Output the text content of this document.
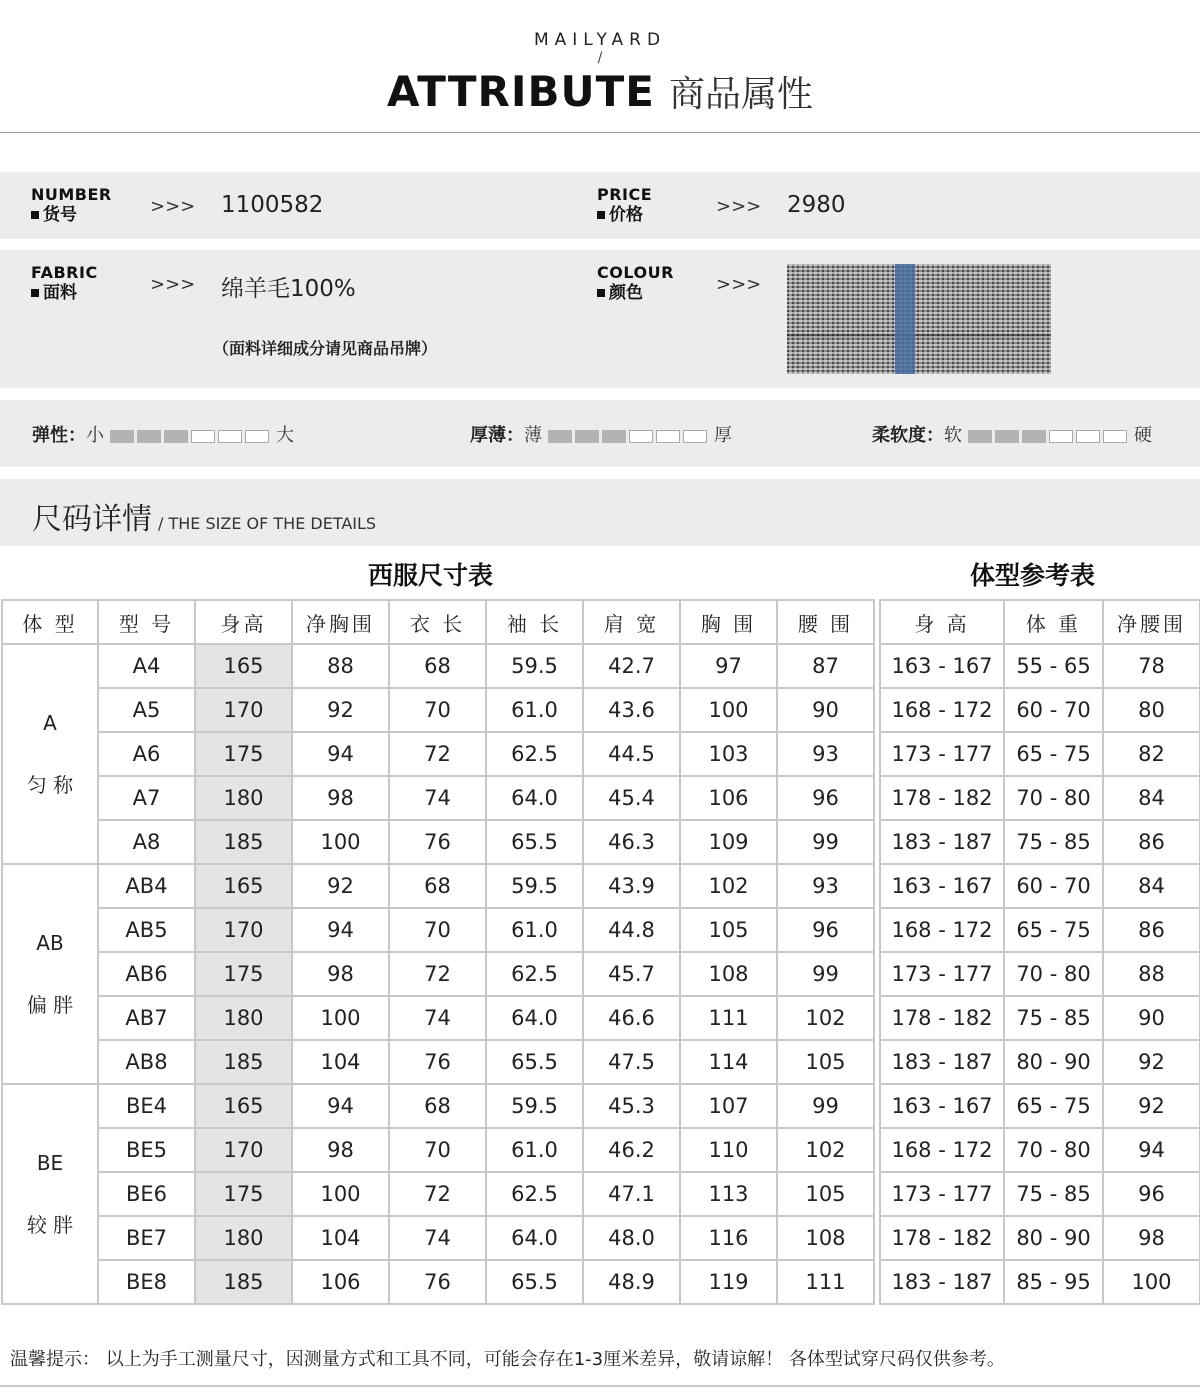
MAILYARD
/
ATTRIBUTE 商品属性
NUMBER
货号	>>> 1100582	PRICE
价格	>>> 2980
FABRIC
面料	>>> 绵羊毛100%
（面料详细成分请见商品吊牌）
COLOUR
颜色	>>>
弹性：小	大	厚薄：薄	厚	柔软度：软	硬
尺码详情 / THE SIZE OF THE DETAILS
西服尺寸表	体型参考表
体 型	型 号	身高	净胸围	衣 长	袖 长	肩 宽	胸 围	腰 围

A
匀 称	A4	165	88	68	59.5	42.7	97	87
	A5	170	92	70	61.0	43.6	100	90
	A6	175	94	72	62.5	44.5	103	93
	A7	180	98	74	64.0	45.4	106	96
	A8	185	100	76	65.5	46.3	109	99

AB
偏 胖	AB4	165	92	68	59.5	43.9	102	93
	AB5	170	94	70	61.0	44.8	105	96
	AB6	175	98	72	62.5	45.7	108	99
	AB7	180	100	74	64.0	46.6	111	102
	AB8	185	104	76	65.5	47.5	114	105

BE
较 胖	BE4	165	94	68	59.5	45.3	107	99
	BE5	170	98	70	61.0	46.2	110	102
	BE6	175	100	72	62.5	47.1	113	105
	BE7	180	104	74	64.0	48.0	116	108
	BE8	185	106	76	65.5	48.9	119	111
身 高	体 重	净腰围
163 - 167	55 - 65	78
168 - 172	60 - 70	80
173 - 177	65 - 75	82
178 - 182	70 - 80	84
183 - 187	75 - 85	86
163 - 167	60 - 70	84
168 - 172	65 - 75	86
173 - 177	70 - 80	88
178 - 182	75 - 85	90
183 - 187	80 - 90	92
163 - 167	65 - 75	92
168 - 172	70 - 80	94
173 - 177	75 - 85	96
178 - 182	80 - 90	98
183 - 187	85 - 95	100
温馨提示： 以上为手工测量尺寸，因测量方式和工具不同，可能会存在1-3厘米差异，敬请谅解！ 各体型试穿尺码仅供参考。
